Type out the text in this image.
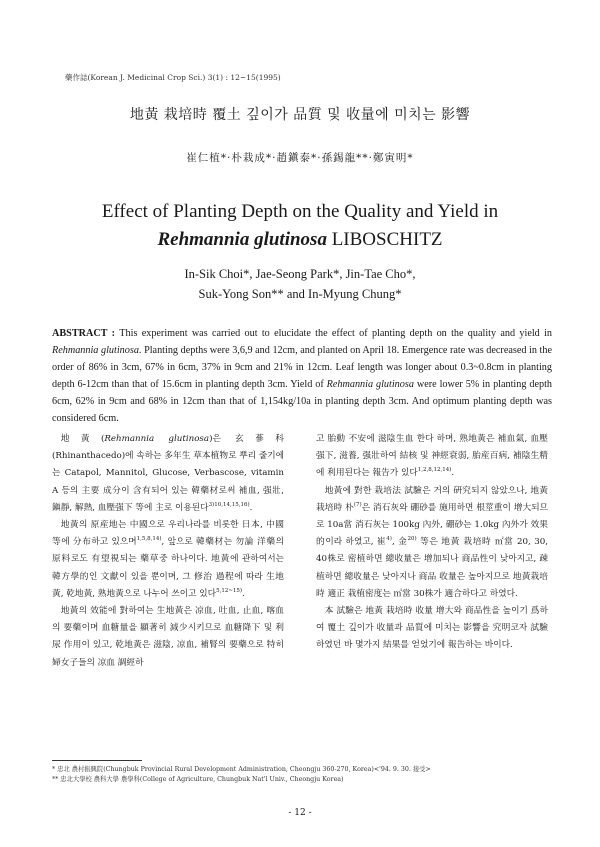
藥作誌(Korean J. Medicinal Crop Sci.) 3(1) : 12~15(1995)
地黃 栽培時 覆土 깊이가 品質 및 收量에 미치는 影響
崔仁植*·朴栽成*·趙鎭泰*·孫錫龍**·鄭寅明*
Effect of Planting Depth on the Quality and Yield in
Rehmannia glutinosa LIBOSCHITZ
In-Sik Choi*, Jae-Seong Park*, Jin-Tae Cho*,
Suk-Yong Son** and In-Myung Chung*

ABSTRACT : This experiment was carried out to elucidate the effect of planting depth on the quality and yield in Rehmannia glutinosa. Planting depths were 3,6,9 and 12cm, and planted on April 18. Emergence rate was decreased in the order of 86% in 3cm, 67% in 6cm, 37% in 9cm and 21% in 12cm. Leaf length was longer about 0.3~0.8cm in planting depth 6-12cm than that of 15.6cm in planting depth 3cm. Yield of Rehmannia glutinosa were lower 5% in planting depth 6cm, 62% in 9cm and 68% in 12cm than that of 1,154kg/10a in planting depth 3cm. And optimum planting depth was considered 6cm.

地黃(Rehmannia glutinosa)은 玄蔘科(Rhinanthacedo)에 속하는 多年生 草本植物로 뿌리 줄기에는 Catapol, Mannitol, Glucose, Verbascose, vitamin A 등의 主要 成分이 含有되어 있는 韓藥材로써 補血, 强壯, 鎭靜, 解熱, 血壓强下 等에 主로 이용된다$^{3)10,14,15,16)}$.

地黃의 原産地는 中國으로 우리나라를 비롯한 日本, 中國 等에 分布하고 있으며$^{1,5,8,14)}$, 앞으로 韓藥材는 勿論 洋藥의 原料로도 有望視되는 藥草중 하나이다. 地黃에 관하여서는 韓方學的인 文獻이 있을 뿐이며, 그 修治 過程에 따라 生地黃, 乾地黃, 熟地黃으로 나누어 쓰이고 있다$^{5,12\sim 15)}$.

地黃의 效能에 對하여는 生地黃은 凉血, 吐血, 止血, 喀血의 要藥이며 血糖量을 顯著히 減少시키므로 血糖降下 및 利尿 作用이 있고, 乾地黃은 滋陰, 凉血, 補腎의 要藥으로 特히 婦女子들의 凉血 調經하

고 胎動 不安에 滋陰生血 한다 하며, 熟地黃은 補血氣, 血壓强下, 滋養, 强壯하여 結核 및 神經衰弱, 胎産百病, 補陰生精에 利用된다는 報告가 있다$^{1,2,8,12,14)}$.

地黃에 對한 栽培法 試驗은 거의 硏究되지 않았으나, 地黃栽培時 朴$^{(7)}$은 消石灰와 硼砂를 施用하면 根莖重이 增大되므로 10a當 消石灰는 100kg 內外, 硼砂는 1.0kg 內外가 效果的이라 하였고, 崔$^{4)}$, 金$^{20)}$ 等은 地黃 栽培時 ㎡當 20, 30, 40株로 密植하면 總收量은 增加되나 商品性이 낮아지고, 疎植하면 總收量은 낮아지나 商品 收量은 높아지므로 地黃栽培時 適正 栽植密度는 ㎡當 30株가 適合하다고 하였다.

本 試驗은 地黃 栽培時 收量 增大와 商品性을 높이기 爲하여 覆土 깊이가 收量과 品質에 미치는 影響을 究明코자 試驗하였던 바 몇가지 結果를 얻었기에 報告하는 바이다.

* 忠北 農村振興院(Chungbuk Provincial Rural Development Administration, Cheongju 360-270, Korea)<'94. 9. 30. 接受>
** 忠北大學校 農科大學 農學科(College of Agriculture, Chungbuk Nat'l Univ., Cheongju Korea)
- 12 -
